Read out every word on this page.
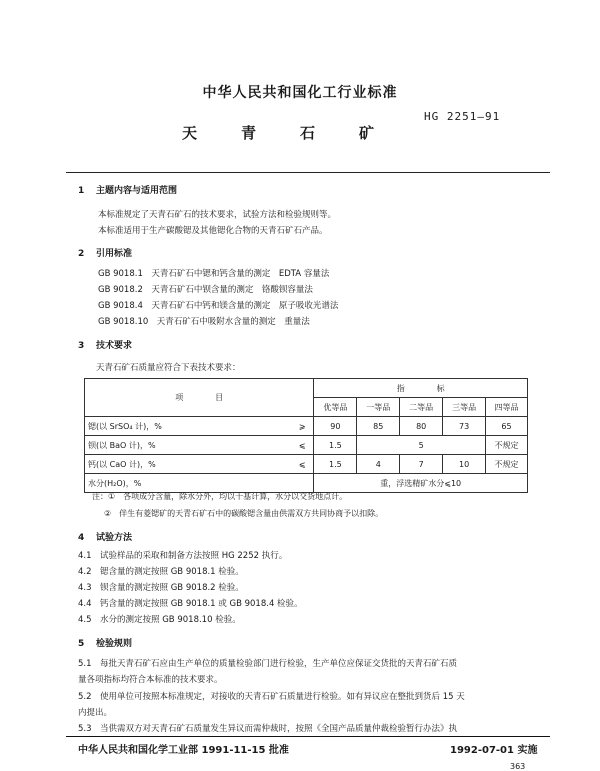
中华人民共和国化工行业标准
HG 2251—91
天青石矿
1 主题内容与适用范围
本标准规定了天青石矿石的技术要求，试验方法和检验规则等。
本标准适用于生产碳酸锶及其他锶化合物的天青石矿石产品。
2 引用标准
GB 9018.1　天青石矿石中锶和钙含量的测定　EDTA 容量法
GB 9018.2　天青石矿石中钡含量的测定　铬酸钡容量法
GB 9018.4　天青石矿石中钙和镁含量的测定　原子吸收光谱法
GB 9018.10　天青石矿石中吸附水含量的测定　重量法
3 技术要求
天青石矿石质量应符合下表技术要求：
项　　　　目		指　　　　标				
		优等品	一等品	二等品	三等品	四等品
锶(以 SrSO₄ 计)，%	⩾	90	85	80	73	65
钡(以 BaO 计)，%	⩽	1.5	5			不规定
钙(以 CaO 计)，%	⩽	1.5	4	7	10	不规定
水分(H₂O)，%		重，浮选精矿水分⩽10				
注：①　各项成分含量，除水分外，均以干基计算，水分以交货地点计。
②　伴生有菱锶矿的天青石矿石中的碳酸锶含量由供需双方共同协商予以扣除。
4 试验方法
4.1　试验样品的采取和制备方法按照 HG 2252 执行。
4.2　锶含量的测定按照 GB 9018.1 检验。
4.3　钡含量的测定按照 GB 9018.2 检验。
4.4　钙含量的测定按照 GB 9018.1 或 GB 9018.4 检验。
4.5　水分的测定按照 GB 9018.10 检验。
5 检验规则
5.1　每批天青石矿石应由生产单位的质量检验部门进行检验，生产单位应保证交货批的天青石矿石质
量各项指标均符合本标准的技术要求。
5.2　使用单位可按照本标准规定，对接收的天青石矿石质量进行检验。如有异议应在整批到货后 15 天
内提出。
5.3　当供需双方对天青石矿石质量发生异议而需仲裁时，按照《全国产品质量仲裁检验暂行办法》执
中华人民共和国化学工业部 1991-11-15 批准	1992-07-01 实施
363
